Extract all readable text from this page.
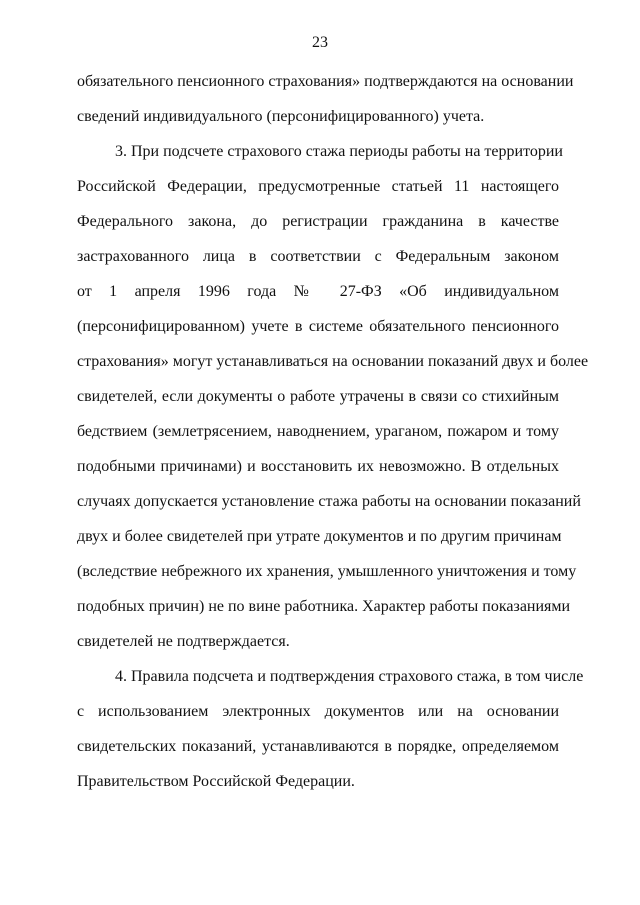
23
обязательного пенсионного страхования» подтверждаются на основании
сведений индивидуального (персонифицированного) учета.
3. При подсчете страхового стажа периоды работы на территории
Российской Федерации, предусмотренные статьей 11 настоящего
Федерального закона, до регистрации гражданина в качестве
застрахованного лица в соответствии с Федеральным законом
от 1 апреля 1996 года № 27-ФЗ «Об индивидуальном
(персонифицированном) учете в системе обязательного пенсионного
страхования» могут устанавливаться на основании показаний двух и более
свидетелей, если документы о работе утрачены в связи со стихийным
бедствием (землетрясением, наводнением, ураганом, пожаром и тому
подобными причинами) и восстановить их невозможно. В отдельных
случаях допускается установление стажа работы на основании показаний
двух и более свидетелей при утрате документов и по другим причинам
(вследствие небрежного их хранения, умышленного уничтожения и тому
подобных причин) не по вине работника. Характер работы показаниями
свидетелей не подтверждается.
4. Правила подсчета и подтверждения страхового стажа, в том числе
с использованием электронных документов или на основании
свидетельских показаний, устанавливаются в порядке, определяемом
Правительством Российской Федерации.
